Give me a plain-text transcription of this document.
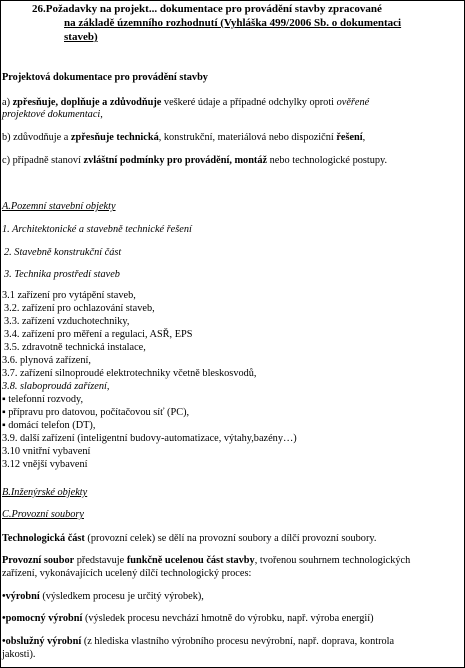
26.Požadavky na projekt... dokumentace pro provádění stavby zpracované
na základě územního rozhodnutí (Vyhláška 499/2006 Sb. o dokumentaci
staveb)
Projektová dokumentace pro provádění stavby
a) zpřesňuje, doplňuje a zdůvodňuje veškeré údaje a případné odchylky oproti ověřené
projektové dokumentaci,
b) zdůvodňuje a zpřesňuje technická, konstrukční, materiálová nebo dispoziční řešení,
c) případně stanoví zvláštní podmínky pro provádění, montáž nebo technologické postupy.
A.Pozemní stavební objekty
1. Architektonické a stavebně technické řešení
2. Stavebně konstrukční část
3. Technika prostředí staveb
3.1 zařízení pro vytápění staveb,
3.2. zařízení pro ochlazování staveb,
3.3. zařízení vzduchotechniky,
3.4. zařízení pro měření a regulaci, ASŘ, EPS
3.5. zdravotně technická instalace,
3.6. plynová zařízení,
3.7. zařízení silnoproudé elektrotechniky včetně bleskosvodů,
3.8. slaboproudá zařízení,
▪ telefonní rozvody,
▪ přípravu pro datovou, počítačovou síť (PC),
▪ domácí telefon (DT),
3.9. další zařízení (inteligentní budovy-automatizace, výtahy,bazény…)
3.10 vnitřní vybavení
3.12 vnější vybavení
B.Inženýrské objekty
C.Provozní soubory
Technologická část (provozní celek) se dělí na provozní soubory a dílčí provozní soubory.
Provozní soubor představuje funkčně ucelenou část stavby, tvořenou souhrnem technologických
zařízení, vykonávajících ucelený dílčí technologický proces:
•výrobní (výsledkem procesu je určitý výrobek),
•pomocný výrobní (výsledek procesu nevchází hmotně do výrobku, např. výroba energií)
•obslužný výrobní (z hlediska vlastního výrobního procesu nevýrobní, např. doprava, kontrola
jakosti).
